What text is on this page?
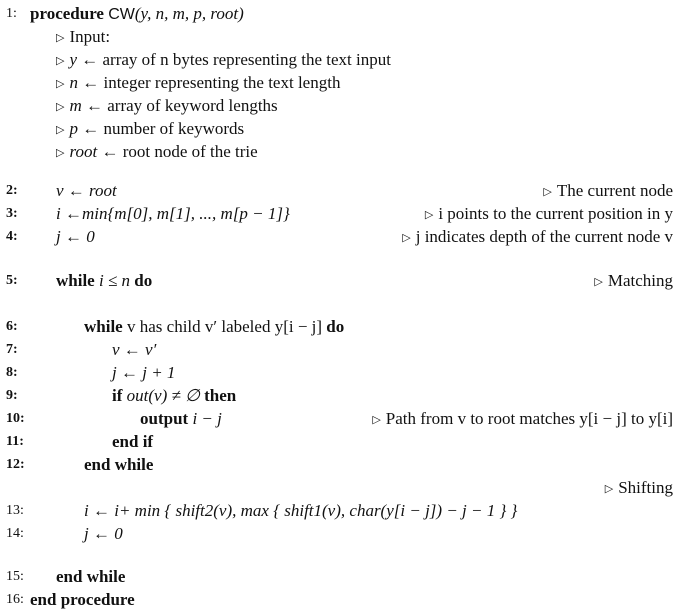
1: procedure CW(y, n, m, p, root)
▷ Input:
▷ y ← array of n bytes representing the text input
▷ n ← integer representing the text length
▷ m ← array of keyword lengths
▷ p ← number of keywords
▷ root ← root node of the trie
2: v ← root	▷ The current node
3: i ←min{m[0], m[1], ..., m[p − 1]}	▷ i points to the current position in y
4: j ← 0	▷ j indicates depth of the current node v
5: while i ≤ n do	▷ Matching
6:	while v has child v′ labeled y[i − j] do
7:	v ← v′
8:	j ← j + 1
9:	if out(v) ≠ ∅ then
10:	output i − j	▷ Path from v to root matches y[i − j] to y[i]
11:	end if
12:	end while
▷ Shifting
13:	i ← i+ min { shift2(v), max { shift1(v), char(y[i − j]) − j − 1 } }
14:	j ← 0
15: end while
16: end procedure
